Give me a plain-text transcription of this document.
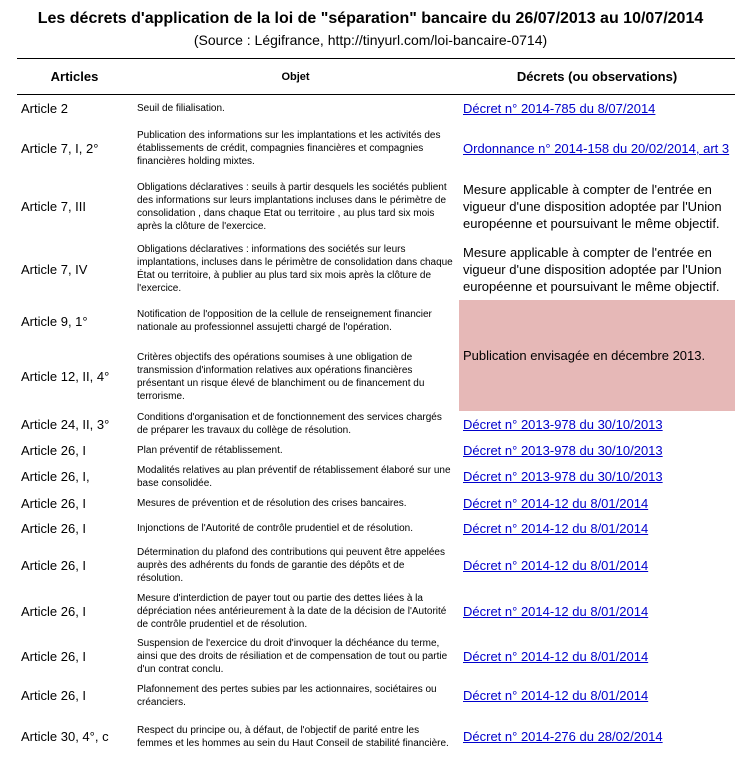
Les décrets d'application de la loi de "séparation" bancaire du 26/07/2013 au 10/07/2014
(Source : Légifrance, http://tinyurl.com/loi-bancaire-0714)
Articles	Objet	Décrets (ou observations)
Article 2	Seuil de filialisation.	Décret n° 2014-785 du 8/07/2014
Article 7, I, 2°	Publication des informations sur les implantations et les activités des établissements de crédit, compagnies financières et compagnies financières holding mixtes.	Ordonnance n° 2014-158 du 20/02/2014, art 3
Article 7, III	Obligations déclaratives : seuils à partir desquels les sociétés publient des informations sur leurs implantations incluses dans le périmètre de consolidation , dans chaque Etat ou territoire , au plus tard six mois après la clôture de l'exercice.	Mesure applicable à compter de l'entrée en vigueur d'une disposition adoptée par l'Union européenne et poursuivant le même objectif.
Article 7, IV	Obligations déclaratives : informations des sociétés sur leurs implantations, incluses dans le périmètre de consolidation dans chaque État ou territoire, à publier au plus tard six mois après la clôture de l'exercice.	Mesure applicable à compter de l'entrée en vigueur d'une disposition adoptée par l'Union européenne et poursuivant le même objectif.
Article 9, 1°	Notification de l'opposition de la cellule de renseignement financier nationale au professionnel assujetti chargé de l'opération.	Publication envisagée en décembre 2013.
Article 12, II, 4°	Critères objectifs des opérations soumises à une obligation de transmission d'information relatives aux opérations financières présentant un risque élevé de blanchiment ou de financement du terrorisme.	
Article 24, II, 3°	Conditions d'organisation et de fonctionnement des services chargés de préparer les travaux du collège de résolution.	Décret n° 2013-978 du 30/10/2013
Article 26, I	Plan préventif de rétablissement.	Décret n° 2013-978 du 30/10/2013
Article 26, I,	Modalités relatives au plan préventif de rétablissement élaboré sur une base consolidée.	Décret n° 2013-978 du 30/10/2013
Article 26, I	Mesures de prévention et de résolution des crises bancaires.	Décret n° 2014-12 du 8/01/2014
Article 26, I	Injonctions de l'Autorité de contrôle prudentiel et de résolution.	Décret n° 2014-12 du 8/01/2014
Article 26, I	Détermination du plafond des contributions qui peuvent être appelées auprès des adhérents du fonds de garantie des dépôts et de résolution.	Décret n° 2014-12 du 8/01/2014
Article 26, I	Mesure d'interdiction de payer tout ou partie des dettes liées à la dépréciation nées antérieurement à la date de la décision de l'Autorité de contrôle prudentiel et de résolution.	Décret n° 2014-12 du 8/01/2014
Article 26, I	Suspension de l'exercice du droit d'invoquer la déchéance du terme, ainsi que des droits de résiliation et de compensation de tout ou partie d'un contrat conclu.	Décret n° 2014-12 du 8/01/2014
Article 26, I	Plafonnement des pertes subies par les actionnaires, sociétaires ou créanciers.	Décret n° 2014-12 du 8/01/2014
Article 30, 4°, c	Respect du principe ou, à défaut, de l'objectif de parité entre les femmes et les hommes au sein du Haut Conseil de stabilité financière.	Décret n° 2014-276 du 28/02/2014
